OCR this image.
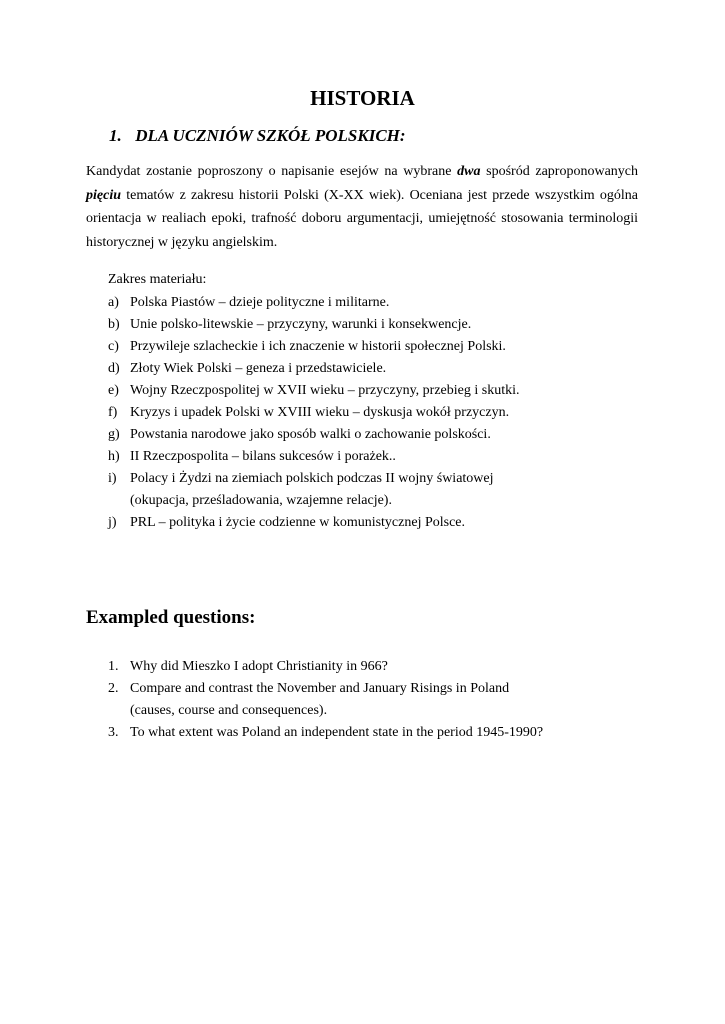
HISTORIA
1. DLA UCZNIÓW SZKÓŁ POLSKICH:

Kandydat zostanie poproszony o napisanie esejów na wybrane dwa spośród zaproponowanych pięciu tematów z zakresu historii Polski (X-XX wiek). Oceniana jest przede wszystkim ogólna orientacja w realiach epoki, trafność doboru argumentacji, umiejętność stosowania terminologii historycznej w języku angielskim.

Zakres materiału:

a) Polska Piastów – dzieje polityczne i militarne.
b) Unie polsko-litewskie – przyczyny, warunki i konsekwencje.
c) Przywileje szlacheckie i ich znaczenie w historii społecznej Polski.
d) Złoty Wiek Polski – geneza i przedstawiciele.
e) Wojny Rzeczpospolitej w XVII wieku – przyczyny, przebieg i skutki.
f) Kryzys i upadek Polski w XVIII wieku – dyskusja wokół przyczyn.
g) Powstania narodowe jako sposób walki o zachowanie polskości.
h) II Rzeczpospolita – bilans sukcesów i porażek..
i) Polacy i Żydzi na ziemiach polskich podczas II wojny światowej
(okupacja, prześladowania, wzajemne relacje).
j) PRL – polityka i życie codzienne w komunistycznej Polsce.
Exampled questions:
1. Why did Mieszko I adopt Christianity in 966?
2. Compare and contrast the November and January Risings in Poland
(causes, course and consequences).
3. To what extent was Poland an independent state in the period 1945-1990?
